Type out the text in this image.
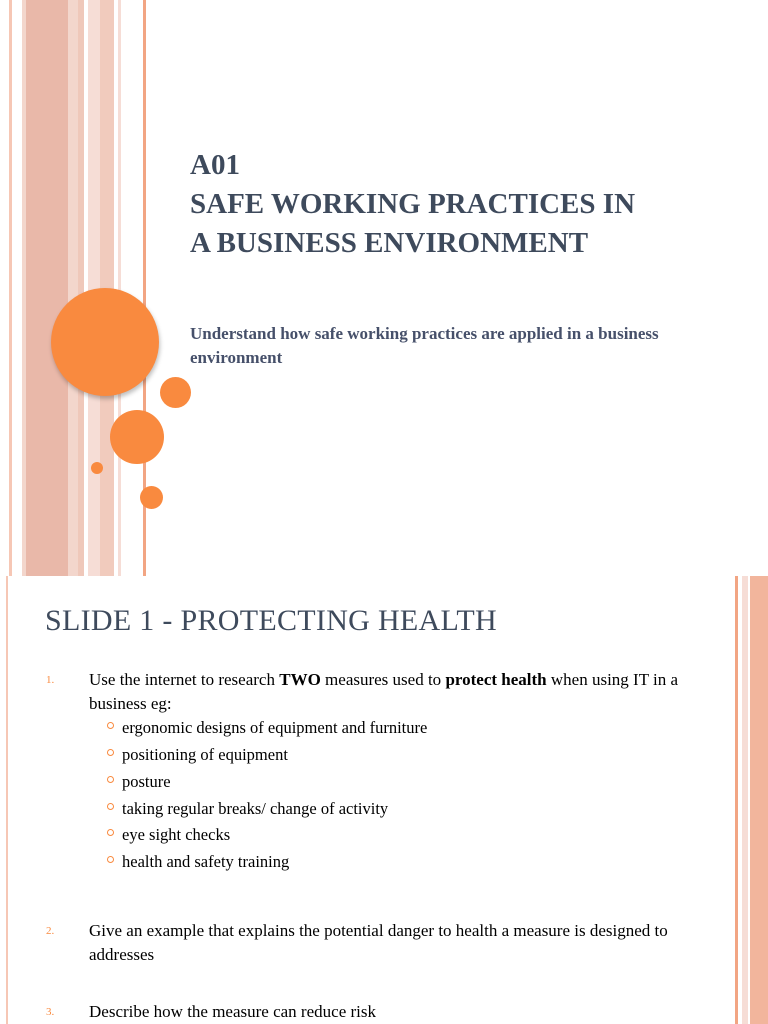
A01
SAFE WORKING PRACTICES IN
A BUSINESS ENVIRONMENT
Understand how safe working practices are applied in a business environment
SLIDE 1 - PROTECTING HEALTH
1. Use the internet to research TWO measures used to protect health when using IT in a business eg:
ergonomic designs of equipment and furniture
positioning of equipment
posture
taking regular breaks/ change of activity
eye sight checks
health and safety training
2. Give an example that explains the potential danger to health a measure is designed to addresses
3. Describe how the measure can reduce risk
